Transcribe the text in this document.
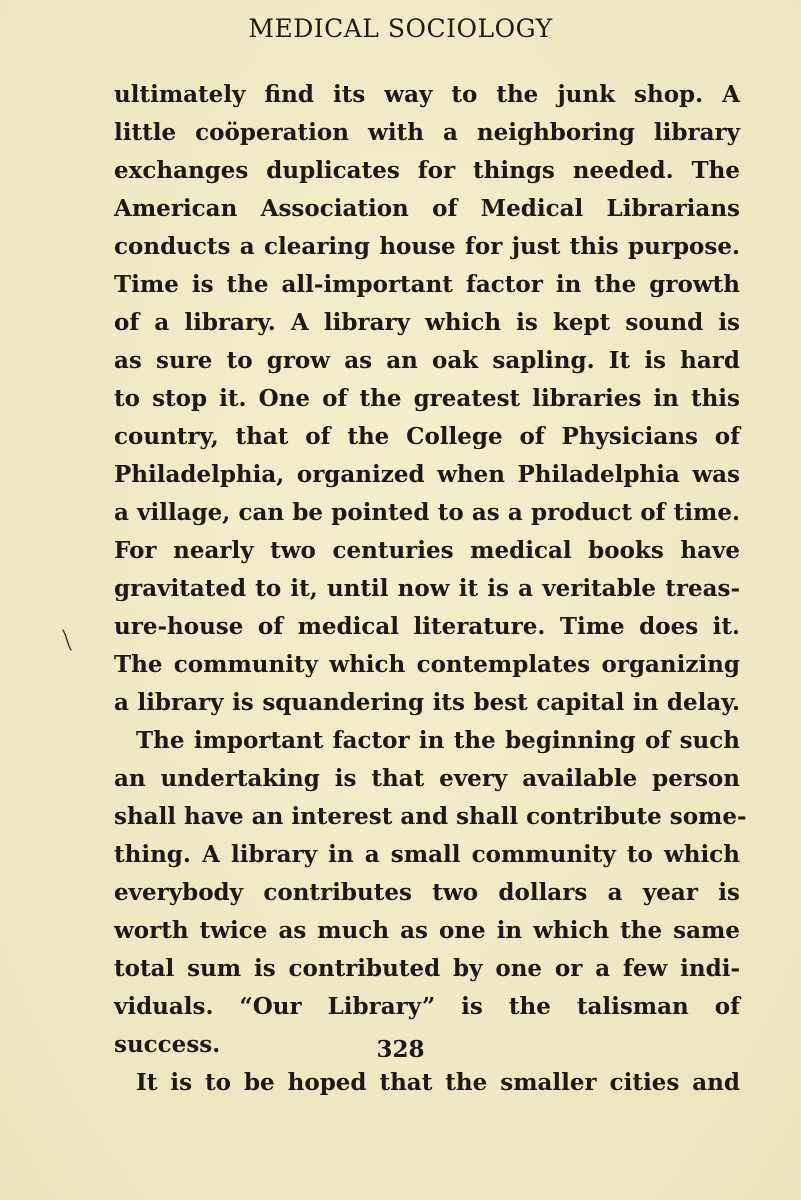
MEDICAL SOCIOLOGY
ultimately find its way to the junk shop. A
little coöperation with a neighboring library
exchanges duplicates for things needed. The
American Association of Medical Librarians
conducts a clearing house for just this purpose.
Time is the all-important factor in the growth
of a library. A library which is kept sound is
as sure to grow as an oak sapling. It is hard
to stop it. One of the greatest libraries in this
country, that of the College of Physicians of
Philadelphia, organized when Philadelphia was
a village, can be pointed to as a product of time.
For nearly two centuries medical books have
gravitated to it, until now it is a veritable treas-
ure-house of medical literature. Time does it.
The community which contemplates organizing
a library is squandering its best capital in delay.
The important factor in the beginning of such
an undertaking is that every available person
shall have an interest and shall contribute some-
thing. A library in a small community to which
everybody contributes two dollars a year is
worth twice as much as one in which the same
total sum is contributed by one or a few indi-
viduals. “Our Library” is the talisman of
success.
It is to be hoped that the smaller cities and
328
